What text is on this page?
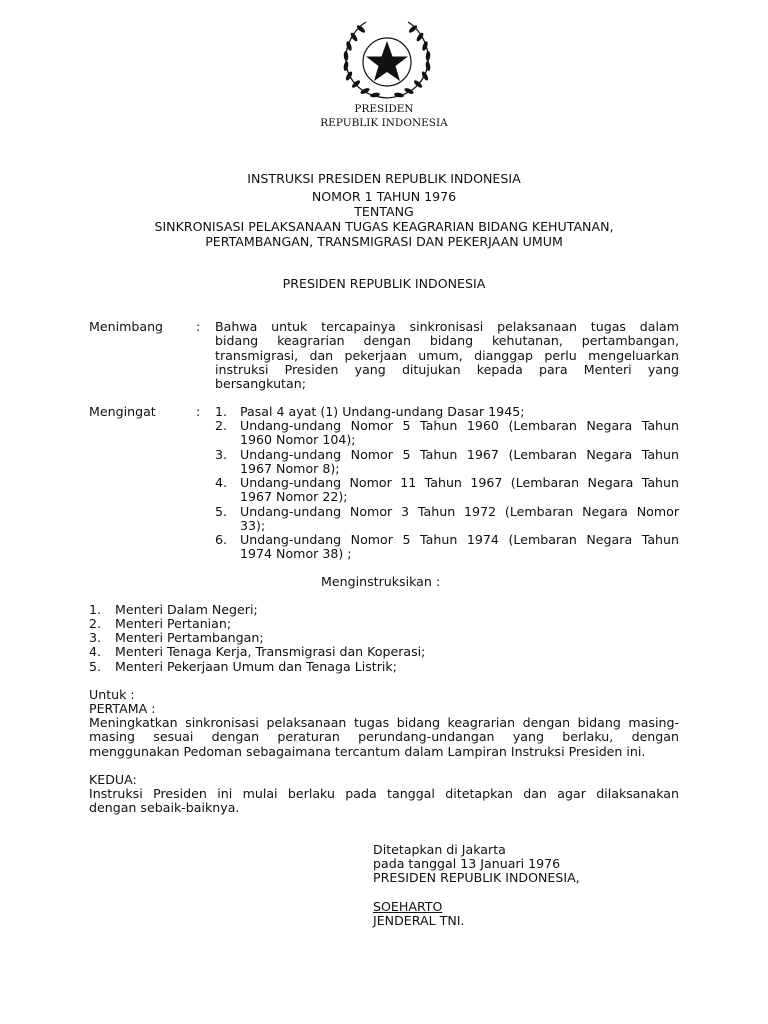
PRESIDEN
REPUBLIK INDONESIA
INSTRUKSI PRESIDEN REPUBLIK INDONESIA
NOMOR 1 TAHUN 1976
TENTANG
SINKRONISASI PELAKSANAAN TUGAS KEAGRARIAN BIDANG KEHUTANAN,
PERTAMBANGAN, TRANSMIGRASI DAN PEKERJAAN UMUM
PRESIDEN REPUBLIK INDONESIA
Menimbang	: Bahwa untuk tercapainya sinkronisasi pelaksanaan tugas dalam
bidang keagrarian dengan bidang kehutanan, pertambangan,
transmigrasi, dan pekerjaan umum, dianggap perlu mengeluarkan
instruksi Presiden yang ditujukan kepada para Menteri yang
bersangkutan;
Mengingat	: 1. Pasal 4 ayat (1) Undang-undang Dasar 1945;
2. Undang-undang Nomor 5 Tahun 1960 (Lembaran Negara Tahun
1960 Nomor 104);
3. Undang-undang Nomor 5 Tahun 1967 (Lembaran Negara Tahun
1967 Nomor 8);
4. Undang-undang Nomor 11 Tahun 1967 (Lembaran Negara Tahun
1967 Nomor 22);
5. Undang-undang Nomor 3 Tahun 1972 (Lembaran Negara Nomor
33);
6. Undang-undang Nomor 5 Tahun 1974 (Lembaran Negara Tahun
1974 Nomor 38) ;
Menginstruksikan :
1. Menteri Dalam Negeri;
2. Menteri Pertanian;
3. Menteri Pertambangan;
4. Menteri Tenaga Kerja, Transmigrasi dan Koperasi;
5. Menteri Pekerjaan Umum dan Tenaga Listrik;
Untuk :
PERTAMA :
Meningkatkan sinkronisasi pelaksanaan tugas bidang keagrarian dengan bidang masing-
masing sesuai dengan peraturan perundang-undangan yang berlaku, dengan
menggunakan Pedoman sebagaimana tercantum dalam Lampiran Instruksi Presiden ini.
KEDUA:
Instruksi Presiden ini mulai berlaku pada tanggal ditetapkan dan agar dilaksanakan
dengan sebaik-baiknya.
Ditetapkan di Jakarta
pada tanggal 13 Januari 1976
PRESIDEN REPUBLIK INDONESIA,
SOEHARTO
JENDERAL TNI.
